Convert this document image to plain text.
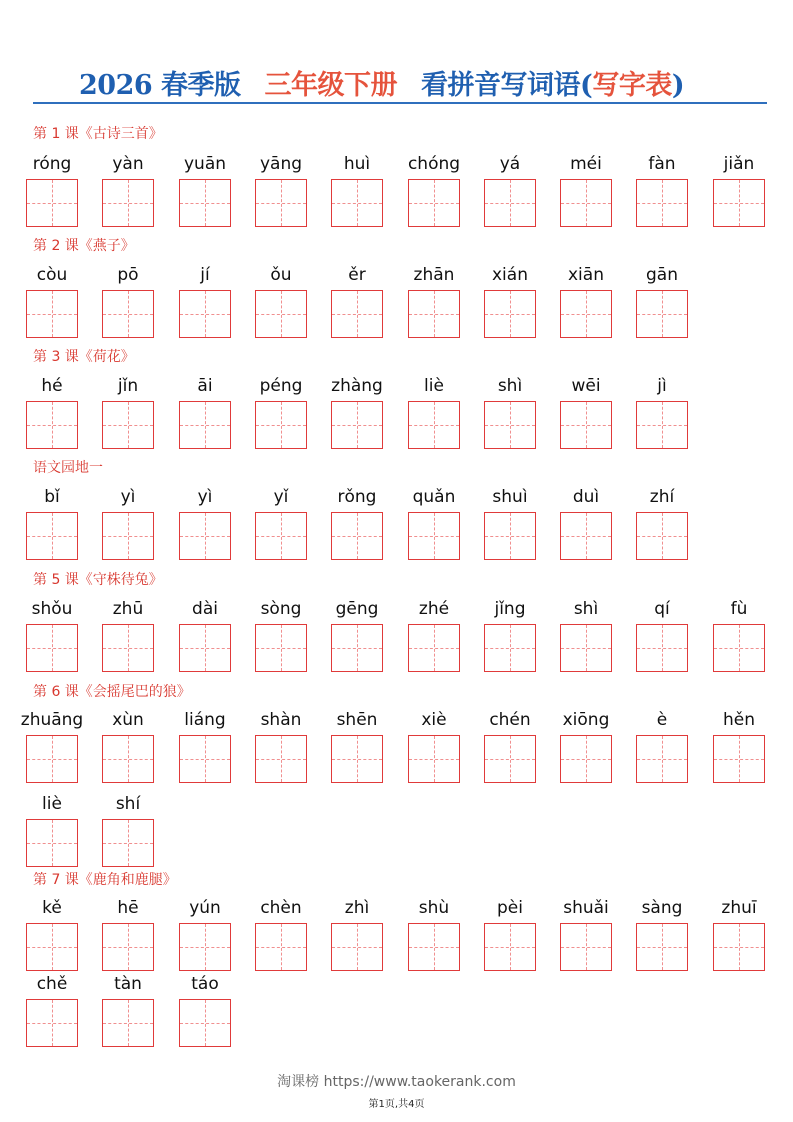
2026 春季版 三年级下册 看拼音写词语(写字表)
第 1 课《古诗三首》
róng	yàn	yuān	yāng	huì	chóng	yá	méi	fàn	jiǎn
第 2 课《燕子》
còu	pō	jí	ǒu	ěr	zhān	xián	xiān	gān
第 3 课《荷花》
hé	jǐn	āi	péng	zhàng	liè	shì	wēi	jì
语文园地一
bǐ	yì	yì	yǐ	rǒng	quǎn	shuì	duì	zhí
第 5 课《守株待兔》
shǒu	zhū	dài	sòng	gēng	zhé	jǐng	shì	qí	fù
第 6 课《会摇尾巴的狼》
zhuāng	xùn	liáng	shàn	shēn	xiè	chén	xiōng	è	hěn
liè	shí
第 7 课《鹿角和鹿腿》
kě	hē	yún	chèn	zhì	shù	pèi	shuǎi	sàng	zhuī
chě	tàn	táo
淘课榜 https://www.taokerank.com
第1页,共4页
